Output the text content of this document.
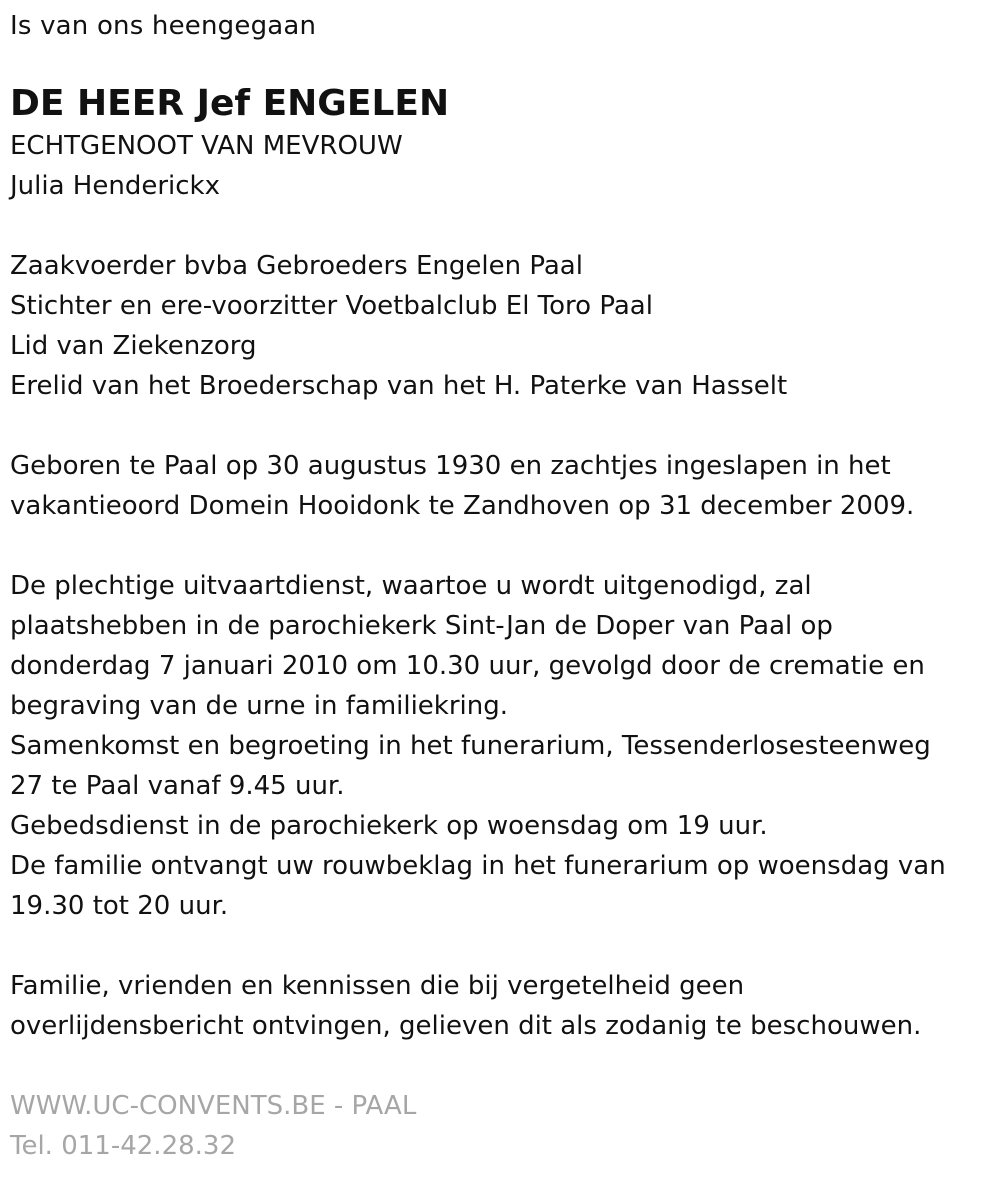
Is van ons heengegaan
DE HEER Jef ENGELEN
ECHTGENOOT VAN MEVROUW
Julia Henderickx
Zaakvoerder bvba Gebroeders Engelen Paal
Stichter en ere-voorzitter Voetbalclub El Toro Paal
Lid van Ziekenzorg
Erelid van het Broederschap van het H. Paterke van Hasselt
Geboren te Paal op 30 augustus 1930 en zachtjes ingeslapen in het
vakantieoord Domein Hooidonk te Zandhoven op 31 december 2009.
De plechtige uitvaartdienst, waartoe u wordt uitgenodigd, zal
plaatshebben in de parochiekerk Sint-Jan de Doper van Paal op
donderdag 7 januari 2010 om 10.30 uur, gevolgd door de crematie en
begraving van de urne in familiekring.
Samenkomst en begroeting in het funerarium, Tessenderlosesteenweg
27 te Paal vanaf 9.45 uur.
Gebedsdienst in de parochiekerk op woensdag om 19 uur.
De familie ontvangt uw rouwbeklag in het funerarium op woensdag van
19.30 tot 20 uur.
Familie, vrienden en kennissen die bij vergetelheid geen
overlijdensbericht ontvingen, gelieven dit als zodanig te beschouwen.
WWW.UC-CONVENTS.BE - PAAL
Tel. 011-42.28.32
